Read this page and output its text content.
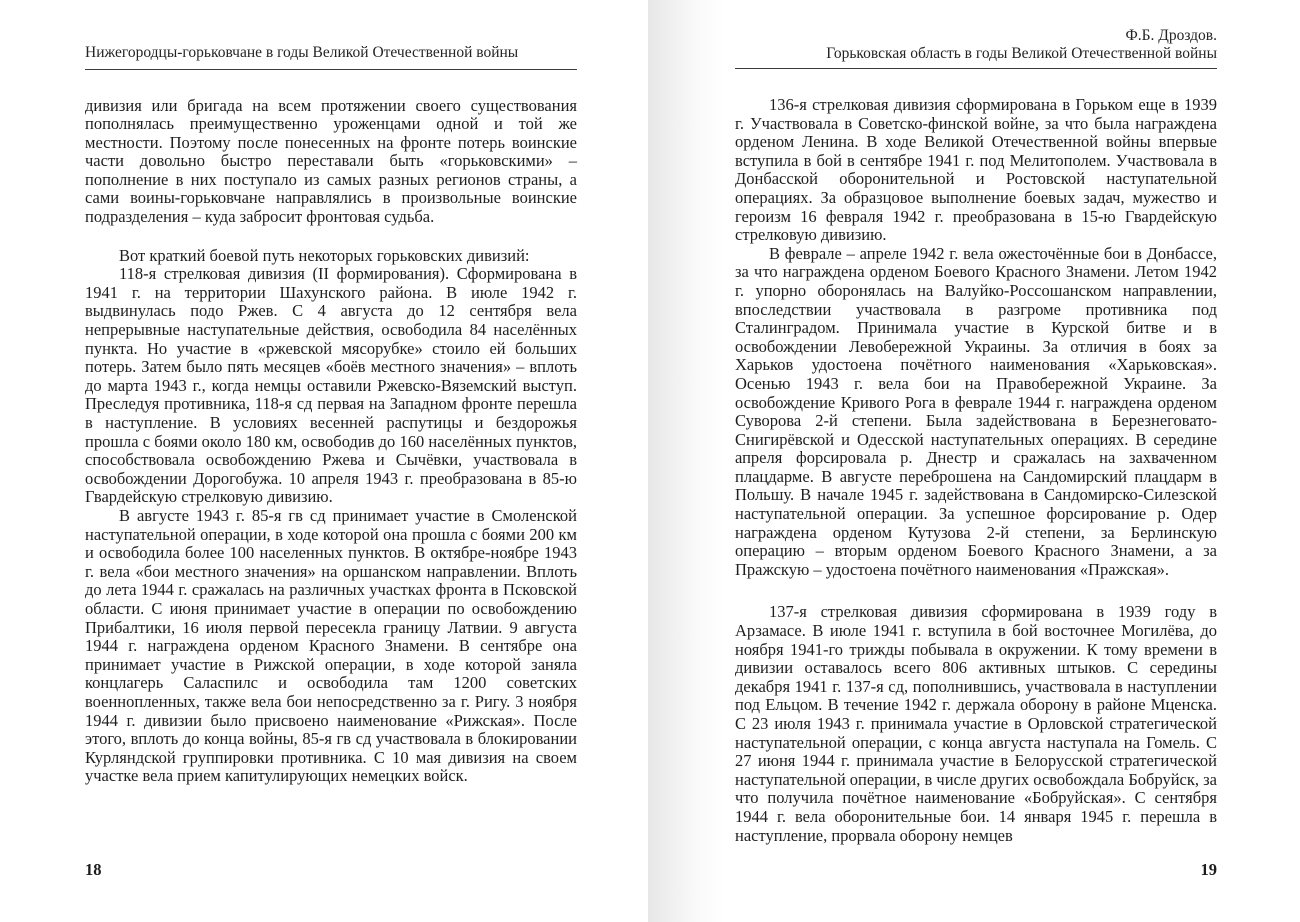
Нижегородцы-горьковчане в годы Великой Отечественной войны

дивизия или бригада на всем протяжении своего существования пополнялась преимущественно уроженцами одной и той же местности. Поэтому после понесенных на фронте потерь воинские части довольно быстро переставали быть «горьковскими» – пополнение в них поступало из самых разных регионов страны, а сами воины-горьковчане направлялись в произвольные воинские подразделения – куда забросит фронтовая судьба.

Вот краткий боевой путь некоторых горьковских дивизий:

118-я стрелковая дивизия (II формирования). Сформирована в 1941 г. на территории Шахунского района. В июле 1942 г. выдвинулась подо Ржев. С 4 августа до 12 сентября вела непрерывные наступательные действия, освободила 84 населённых пункта. Но участие в «ржевской мясорубке» стоило ей больших потерь. Затем было пять месяцев «боёв местного значения» – вплоть до марта 1943 г., когда немцы оставили Ржевско-Вяземский выступ. Преследуя противника, 118-я сд первая на Западном фронте перешла в наступление. В условиях весенней распутицы и бездорожья прошла с боями около 180 км, освободив до 160 населённых пунктов, способствовала освобождению Ржева и Сычёвки, участвовала в освобождении Дорогобужа. 10 апреля 1943 г. преобразована в 85-ю Гвардейскую стрелковую дивизию.

В августе 1943 г. 85-я гв сд принимает участие в Смоленской наступательной операции, в ходе которой она прошла с боями 200 км и освободила более 100 населенных пунктов. В октябре-ноябре 1943 г. вела «бои местного значения» на оршанском направлении. Вплоть до лета 1944 г. сражалась на различных участках фронта в Псковской области. С июня принимает участие в операции по освобождению Прибалтики, 16 июля первой пересекла границу Латвии. 9 августа 1944 г. награждена орденом Красного Знамени. В сентябре она принимает участие в Рижской операции, в ходе которой заняла концлагерь Саласпилс и освободила там 1200 советских военнопленных, также вела бои непосредственно за г. Ригу. 3 ноября 1944 г. дивизии было присвоено наименование «Рижская». После этого, вплоть до конца войны, 85-я гв сд участвовала в блокировании Курляндской группировки противника. С 10 мая дивизия на своем участке вела прием капитулирующих немецких войск.

18
Ф.Б. Дроздов.
Горьковская область в годы Великой Отечественной войны

136-я стрелковая дивизия сформирована в Горьком еще в 1939 г. Участвовала в Советско-финской войне, за что была награждена орденом Ленина. В ходе Великой Отечественной войны впервые вступила в бой в сентябре 1941 г. под Мелитополем. Участвовала в Донбасской оборонительной и Ростовской наступательной операциях. За образцовое выполнение боевых задач, мужество и героизм 16 февраля 1942 г. преобразована в 15-ю Гвардейскую стрелковую дивизию.

В феврале – апреле 1942 г. вела ожесточённые бои в Донбассе, за что награждена орденом Боевого Красного Знамени. Летом 1942 г. упорно оборонялась на Валуйко-Россошанском направлении, впоследствии участвовала в разгроме противника под Сталинградом. Принимала участие в Курской битве и в освобождении Левобережной Украины. За отличия в боях за Харьков удостоена почётного наименования «Харьковская». Осенью 1943 г. вела бои на Правобережной Украине. За освобождение Кривого Рога в феврале 1944 г. награждена орденом Суворова 2-й степени. Была задействована в Березнеговато-Снигирёвской и Одесской наступательных операциях. В середине апреля форсировала р. Днестр и сражалась на захваченном плацдарме. В августе переброшена на Сандомирский плацдарм в Польшу. В начале 1945 г. задействована в Сандомирско-Силезской наступательной операции. За успешное форсирование р. Одер награждена орденом Кутузова 2-й степени, за Берлинскую операцию – вторым орденом Боевого Красного Знамени, а за Пражскую – удостоена почётного наименования «Пражская».

137-я стрелковая дивизия сформирована в 1939 году в Арзамасе. В июле 1941 г. вступила в бой восточнее Могилёва, до ноября 1941-го трижды побывала в окружении. К тому времени в дивизии оставалось всего 806 активных штыков. С середины декабря 1941 г. 137-я сд, пополнившись, участвовала в наступлении под Ельцом. В течение 1942 г. держала оборону в районе Мценска. С 23 июля 1943 г. принимала участие в Орловской стратегической наступательной операции, с конца августа наступала на Гомель. С 27 июня 1944 г. принимала участие в Белорусской стратегической наступательной операции, в числе других освобождала Бобруйск, за что получила почётное наименование «Бобруйская». С сентября 1944 г. вела оборонительные бои. 14 января 1945 г. перешла в наступление, прорвала оборону немцев

19
